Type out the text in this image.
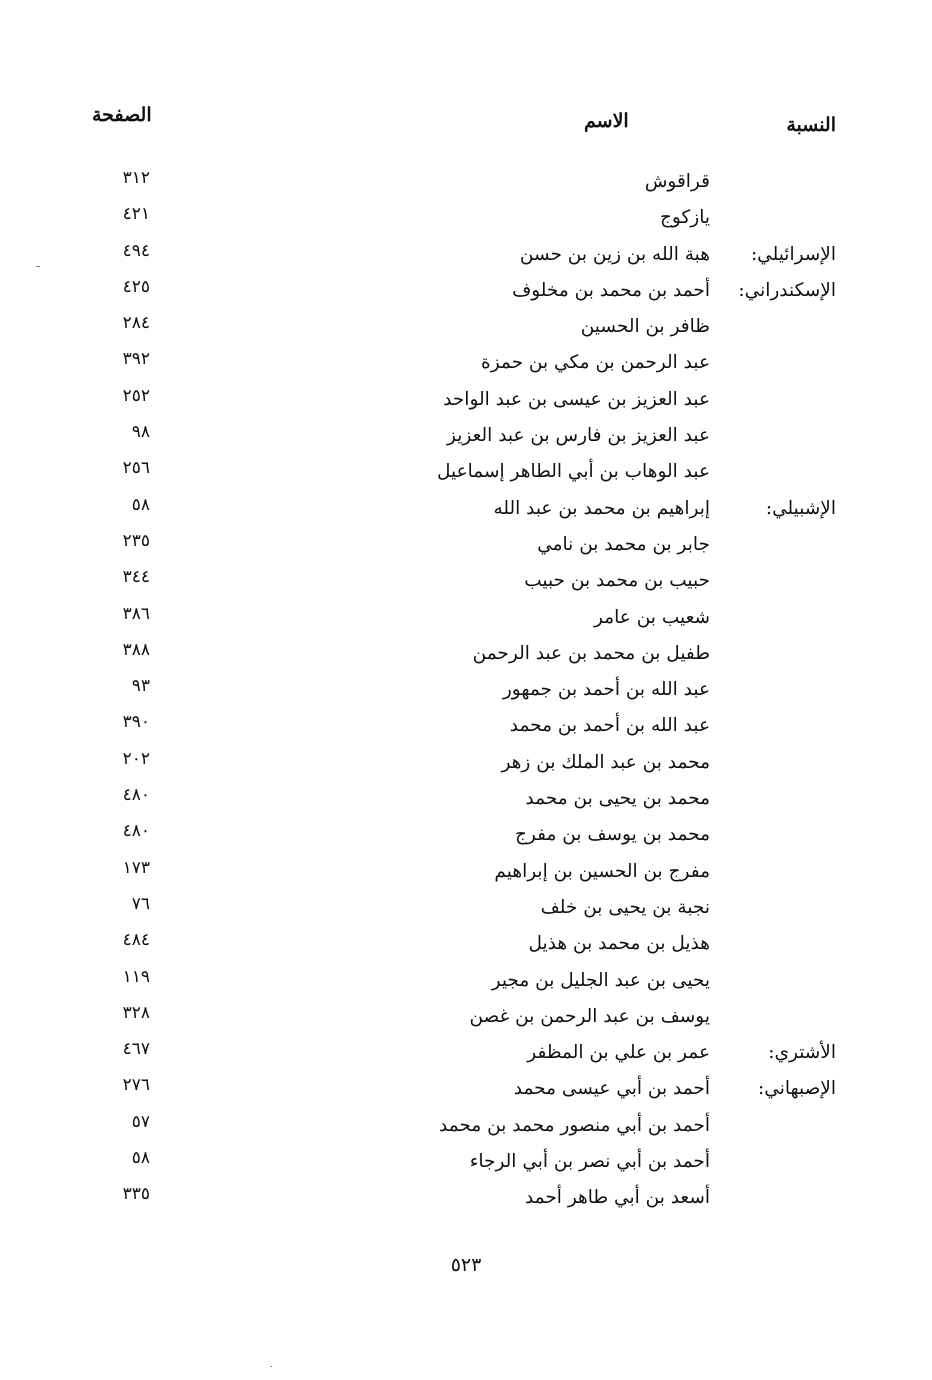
النسبة
الاسم
الصفحة
قراقوش
٣١٢
يازكوج
٤٢١
الإسرائيلي:
هبة الله بن زين بن حسن
٤٩٤
الإسكندراني:
أحمد بن محمد بن مخلوف
٤٢٥
ظافر بن الحسين
٢٨٤
عبد الرحمن بن مكي بن حمزة
٣٩٢
عبد العزيز بن عيسى بن عبد الواحد
٢٥٢
عبد العزيز بن فارس بن عبد العزيز
٩٨
عبد الوهاب بن أبي الطاهر إسماعيل
٢٥٦
الإشبيلي:
إبراهيم بن محمد بن عبد الله
٥٨
جابر بن محمد بن نامي
٢٣٥
حبيب بن محمد بن حبيب
٣٤٤
شعيب بن عامر
٣٨٦
طفيل بن محمد بن عبد الرحمن
٣٨٨
عبد الله بن أحمد بن جمهور
٩٣
عبد الله بن أحمد بن محمد
٣٩٠
محمد بن عبد الملك بن زهر
٢٠٢
محمد بن يحيى بن محمد
٤٨٠
محمد بن يوسف بن مفرج
٤٨٠
مفرج بن الحسين بن إبراهيم
١٧٣
نجبة بن يحيى بن خلف
٧٦
هذيل بن محمد بن هذيل
٤٨٤
يحيى بن عبد الجليل بن مجير
١١٩
يوسف بن عبد الرحمن بن غصن
٣٢٨
الأشتري:
عمر بن علي بن المظفر
٤٦٧
الإصبهاني:
أحمد بن أبي عيسى محمد
٢٧٦
أحمد بن أبي منصور محمد بن محمد
٥٧
أحمد بن أبي نصر بن أبي الرجاء
٥٨
أسعد بن أبي طاهر أحمد
٣٣٥
٥٢٣
